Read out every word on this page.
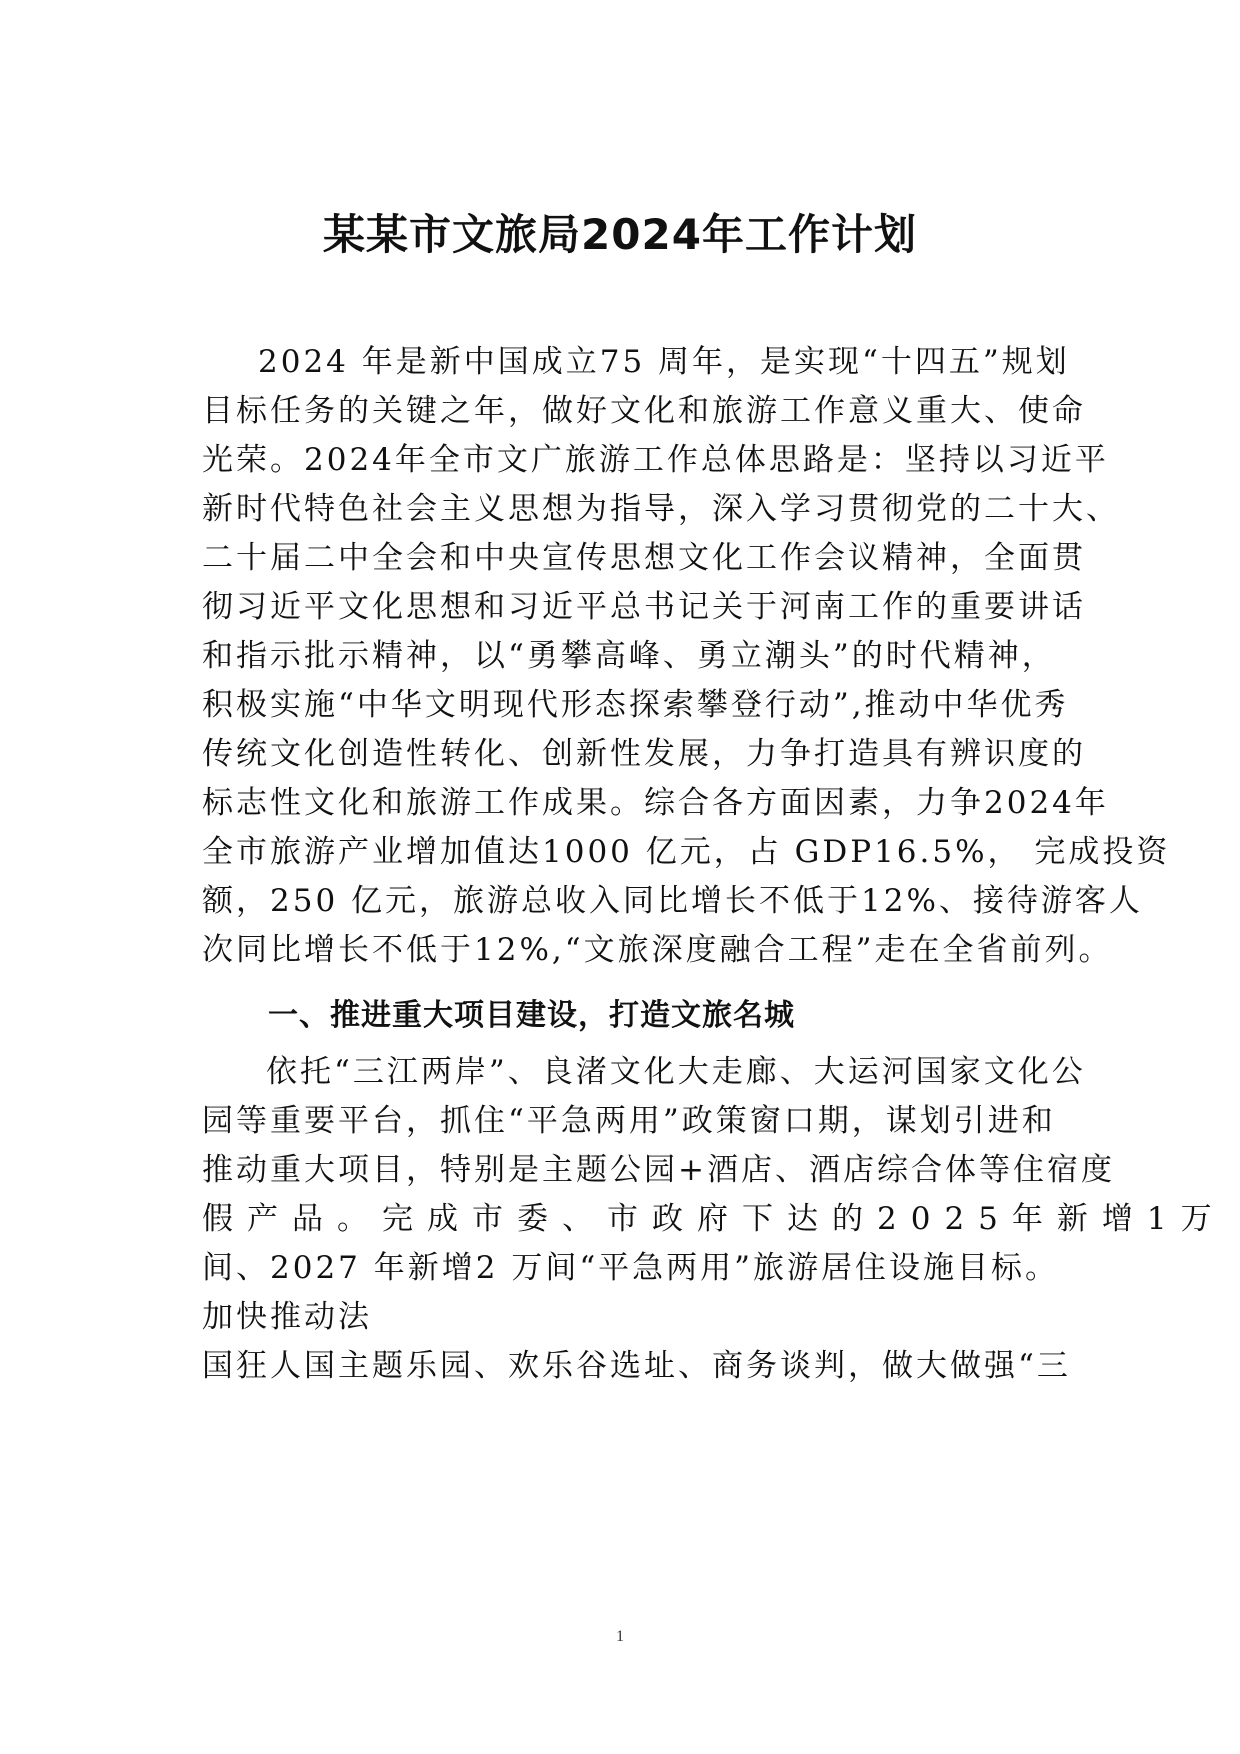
某某市文旅局2024年工作计划
2024 年是新中国成立75 周年，是实现“十四五”规划
目标任务的关键之年，做好文化和旅游工作意义重大、使命
光荣。2024年全市文广旅游工作总体思路是：坚持以习近平
新时代特色社会主义思想为指导，深入学习贯彻党的二十大、
二十届二中全会和中央宣传思想文化工作会议精神，全面贯
彻习近平文化思想和习近平总书记关于河南工作的重要讲话
和指示批示精神，以“勇攀高峰、勇立潮头”的时代精神，
积极实施“中华文明现代形态探索攀登行动”,推动中华优秀
传统文化创造性转化、创新性发展，力争打造具有辨识度的
标志性文化和旅游工作成果。综合各方面因素，力争2024年
全市旅游产业增加值达1000 亿元，占 GDP16.5%， 完成投资
额，250 亿元，旅游总收入同比增长不低于12%、接待游客人
次同比增长不低于12%,“文旅深度融合工程”走在全省前列。
一、推进重大项目建设，打造文旅名城
依托“三江两岸”、良渚文化大走廊、大运河国家文化公
园等重要平台，抓住“平急两用”政策窗口期，谋划引进和
推动重大项目，特别是主题公园+酒店、酒店综合体等住宿度
假产品。完成市委、市政府下达的2025年新增1万
间、2027 年新增2 万间“平急两用”旅游居住设施目标。
加快推动法
国狂人国主题乐园、欢乐谷选址、商务谈判，做大做强“三
1
